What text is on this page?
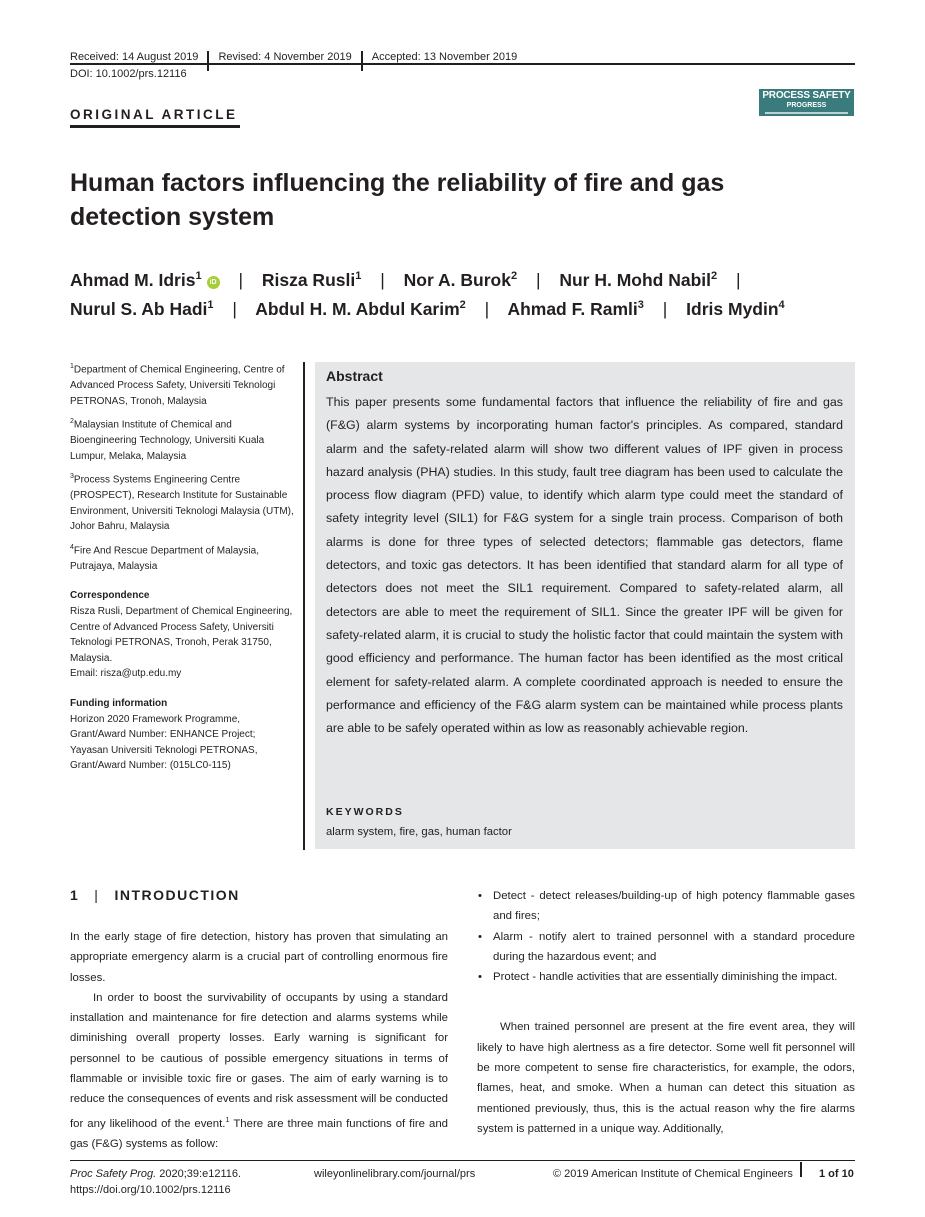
Received: 14 August 2019 Revised: 4 November 2019 Accepted: 13 November 2019
DOI: 10.1002/prs.12116
ORIGINAL ARTICLE
PROCESS SAFETY
PROGRESS
Human factors influencing the reliability of fire and gas detection system
Ahmad M. Idris$^1$iD | Risza Rusli$^1$ | Nor A. Burok$^2$ | Nur H. Mohd Nabil$^2$ |
Nurul S. Ab Hadi$^1$ | Abdul H. M. Abdul Karim$^2$ | Ahmad F. Ramli$^3$ | Idris Mydin$^4$

$^1$Department of Chemical Engineering, Centre of Advanced Process Safety, Universiti Teknologi PETRONAS, Tronoh, Malaysia

$^2$Malaysian Institute of Chemical and Bioengineering Technology, Universiti Kuala Lumpur, Melaka, Malaysia

$^3$Process Systems Engineering Centre (PROSPECT), Research Institute for Sustainable Environment, Universiti Teknologi Malaysia (UTM), Johor Bahru, Malaysia

$^4$Fire And Rescue Department of Malaysia, Putrajaya, Malaysia

Correspondence

Risza Rusli, Department of Chemical Engineering, Centre of Advanced Process Safety, Universiti Teknologi PETRONAS, Tronoh, Perak 31750, Malaysia.

Email: risza@utp.edu.my

Funding information

Horizon 2020 Framework Programme, Grant/Award Number: ENHANCE Project; Yayasan Universiti Teknologi PETRONAS, Grant/Award Number: (015LC0-115)

Abstract
This paper presents some fundamental factors that influence the reliability of fire and gas (F&G) alarm systems by incorporating human factor's principles. As compared, standard alarm and the safety-related alarm will show two different values of IPF given in process hazard analysis (PHA) studies. In this study, fault tree diagram has been used to calculate the process flow diagram (PFD) value, to identify which alarm type could meet the standard of safety integrity level (SIL1) for F&G system for a single train process. Comparison of both alarms is done for three types of selected detectors; flammable gas detectors, flame detectors, and toxic gas detectors. It has been identified that standard alarm for all type of detectors does not meet the SIL1 requirement. Compared to safety-related alarm, all detectors are able to meet the requirement of SIL1. Since the greater IPF will be given for safety-related alarm, it is crucial to study the holistic factor that could maintain the system with good efficiency and performance. The human factor has been identified as the most critical element for safety-related alarm. A complete coordinated approach is needed to ensure the performance and efficiency of the F&G alarm system can be maintained while process plants are able to be safely operated within as low as reasonably achievable region.
KEYWORDS
alarm system, fire, gas, human factor
1 | INTRODUCTION

In the early stage of fire detection, history has proven that simulating an appropriate emergency alarm is a crucial part of controlling enormous fire losses.

In order to boost the survivability of occupants by using a standard installation and maintenance for fire detection and alarms systems while diminishing overall property losses. Early warning is significant for personnel to be cautious of possible emergency situations in terms of flammable or invisible toxic fire or gases. The aim of early warning is to reduce the consequences of events and risk assessment will be conducted for any likelihood of the event.$^1$ There are three main functions of fire and gas (F&G) systems as follow:

• Detect - detect releases/building-up of high potency flammable gases and fires;
• Alarm - notify alert to trained personnel with a standard procedure during the hazardous event; and
• Protect - handle activities that are essentially diminishing the impact.

When trained personnel are present at the fire event area, they will likely to have high alertness as a fire detector. Some well fit personnel will be more competent to sense fire characteristics, for example, the odors, flames, heat, and smoke. When a human can detect this situation as mentioned previously, thus, this is the actual reason why the fire alarms system is patterned in a unique way. Additionally,

Proc Safety Prog. 2020;39:e12116.
https://doi.org/10.1002/prs.12116
wileyonlinelibrary.com/journal/prs	© 2019 American Institute of Chemical Engineers 1 of 10
